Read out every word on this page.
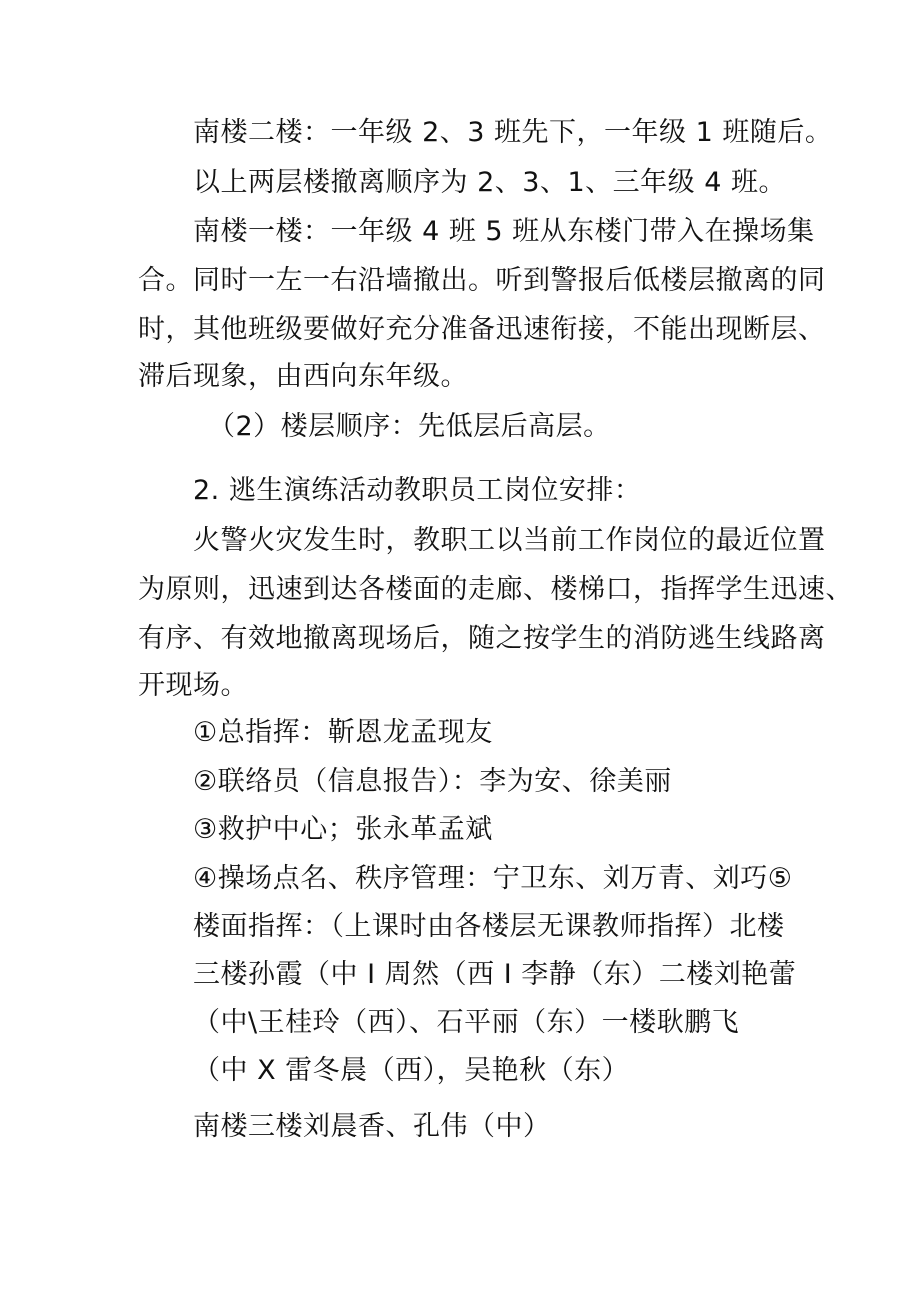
南楼二楼：一年级 2、3 班先下，一年级 1 班随后。
以上两层楼撤离顺序为 2、3、1、三年级 4 班。
南楼一楼：一年级 4 班 5 班从东楼门带入在操场集
合。同时一左一右沿墙撤出。听到警报后低楼层撤离的同
时，其他班级要做好充分准备迅速衔接，不能出现断层、
滞后现象，由西向东年级。
（2）楼层顺序：先低层后高层。
2. 逃生演练活动教职员工岗位安排：
火警火灾发生时，教职工以当前工作岗位的最近位置
为原则，迅速到达各楼面的走廊、楼梯口，指挥学生迅速、
有序、有效地撤离现场后，随之按学生的消防逃生线路离
开现场。
①总指挥：靳恩龙孟现友
②联络员（信息报告）：李为安、徐美丽
③救护中心；张永革孟斌
④操场点名、秩序管理：宁卫东、刘万青、刘巧⑤
楼面指挥：（上课时由各楼层无课教师指挥）北楼
三楼孙霞（中 I 周然（西 I 李静（东）二楼刘艳蕾
（中\王桂玲（西）、石平丽（东）一楼耿鹏飞
（中 X 雷冬晨（西），吴艳秋（东）
南楼三楼刘晨香、孔伟（中）
